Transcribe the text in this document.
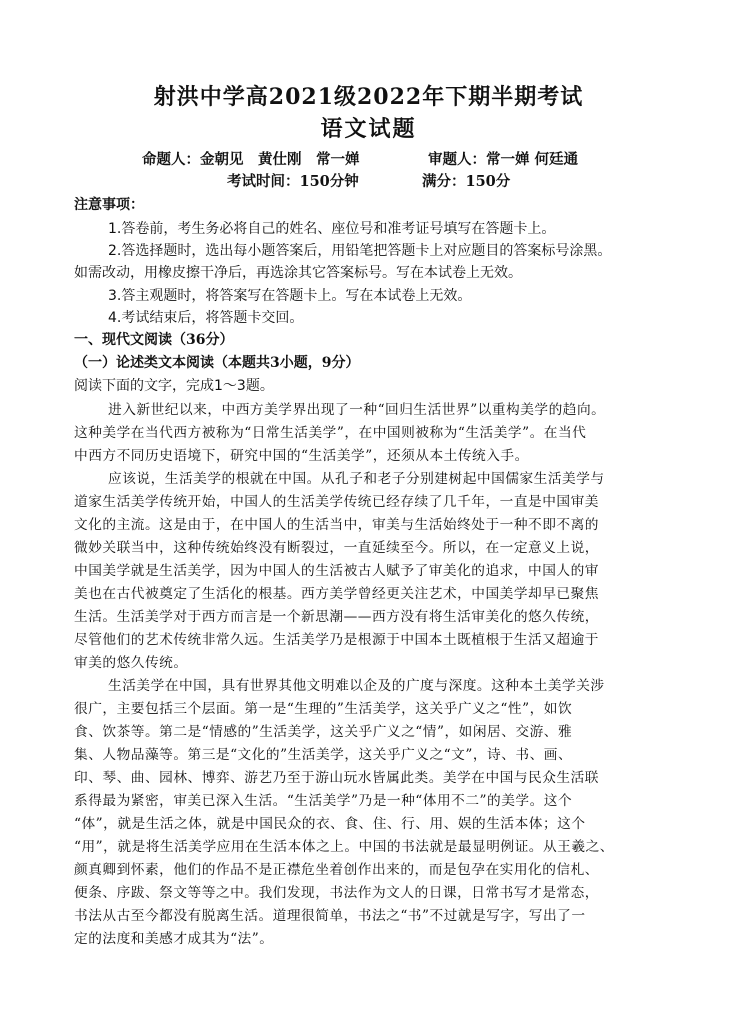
射洪中学高2021级2022年下期半期考试
语文试题
命题人：金朝见　黄仕刚　常一婵	审题人：常一婵 何廷通
考试时间：150分钟	满分：150分
注意事项：
1.答卷前，考生务必将自己的姓名、座位号和准考证号填写在答题卡上。
2.答选择题时，选出每小题答案后，用铅笔把答题卡上对应题目的答案标号涂黑。
如需改动，用橡皮擦干净后，再选涂其它答案标号。写在本试卷上无效。
3.答主观题时，将答案写在答题卡上。写在本试卷上无效。
4.考试结束后，将答题卡交回。
一、现代文阅读（36分）
（一）论述类文本阅读（本题共3小题，9分）
阅读下面的文字，完成1～3题。
进入新世纪以来，中西方美学界出现了一种“回归生活世界”以重构美学的趋向。
这种美学在当代西方被称为“日常生活美学”，在中国则被称为“生活美学”。在当代
中西方不同历史语境下，研究中国的“生活美学”，还须从本土传统入手。
应该说，生活美学的根就在中国。从孔子和老子分别建树起中国儒家生活美学与
道家生活美学传统开始，中国人的生活美学传统已经存续了几千年，一直是中国审美
文化的主流。这是由于，在中国人的生活当中，审美与生活始终处于一种不即不离的
微妙关联当中，这种传统始终没有断裂过，一直延续至今。所以，在一定意义上说，
中国美学就是生活美学，因为中国人的生活被古人赋予了审美化的追求，中国人的审
美也在古代被奠定了生活化的根基。西方美学曾经更关注艺术，中国美学却早已聚焦
生活。生活美学对于西方而言是一个新思潮——西方没有将生活审美化的悠久传统，
尽管他们的艺术传统非常久远。生活美学乃是根源于中国本土既植根于生活又超逾于
审美的悠久传统。
生活美学在中国，具有世界其他文明难以企及的广度与深度。这种本土美学关涉
很广，主要包括三个层面。第一是“生理的”生活美学，这关乎广义之“性”，如饮
食、饮茶等。第二是“情感的”生活美学，这关乎广义之“情”，如闲居、交游、雅
集、人物品藻等。第三是“文化的”生活美学，这关乎广义之“文”，诗、书、画、
印、琴、曲、园林、博弈、游艺乃至于游山玩水皆属此类。美学在中国与民众生活联
系得最为紧密，审美已深入生活。“生活美学”乃是一种“体用不二”的美学。这个
“体”，就是生活之体，就是中国民众的衣、食、住、行、用、娱的生活本体；这个
“用”，就是将生活美学应用在生活本体之上。中国的书法就是最显明例证。从王羲之、
颜真卿到怀素，他们的作品不是正襟危坐着创作出来的，而是包孕在实用化的信札、
便条、序跋、祭文等等之中。我们发现，书法作为文人的日课，日常书写才是常态，
书法从古至今都没有脱离生活。道理很简单，书法之“书”不过就是写字，写出了一
定的法度和美感才成其为“法”。
